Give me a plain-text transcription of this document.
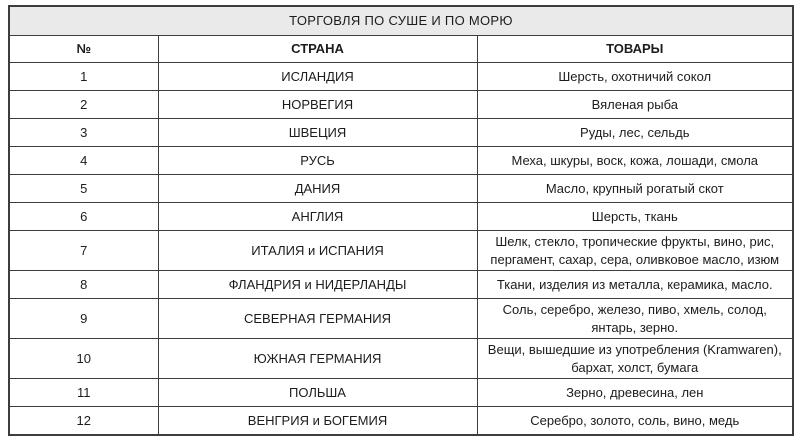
ТОРГОВЛЯ ПО СУШЕ И ПО МОРЮ		
№	СТРАНА	ТОВАРЫ
1	ИСЛАНДИЯ	Шерсть, охотничий сокол
2	НОРВЕГИЯ	Вяленая рыба
3	ШВЕЦИЯ	Руды, лес, сельдь
4	РУСЬ	Меха, шкуры, воск, кожа, лошади, смола
5	ДАНИЯ	Масло, крупный рогатый скот
6	АНГЛИЯ	Шерсть, ткань
7	ИТАЛИЯ и ИСПАНИЯ	Шелк, стекло, тропические фрукты, вино, рис, пергамент, сахар, сера, оливковое масло, изюм
8	ФЛАНДРИЯ и НИДЕРЛАНДЫ	Ткани, изделия из металла, керамика, масло.
9	СЕВЕРНАЯ ГЕРМАНИЯ	Соль, серебро, железо, пиво, хмель, солод, янтарь, зерно.
10	ЮЖНАЯ ГЕРМАНИЯ	Вещи, вышедшие из употребления (Kramwaren), бархат, холст, бумага
11	ПОЛЬША	Зерно, древесина, лен
12	ВЕНГРИЯ и БОГЕМИЯ	Серебро, золото, соль, вино, медь
